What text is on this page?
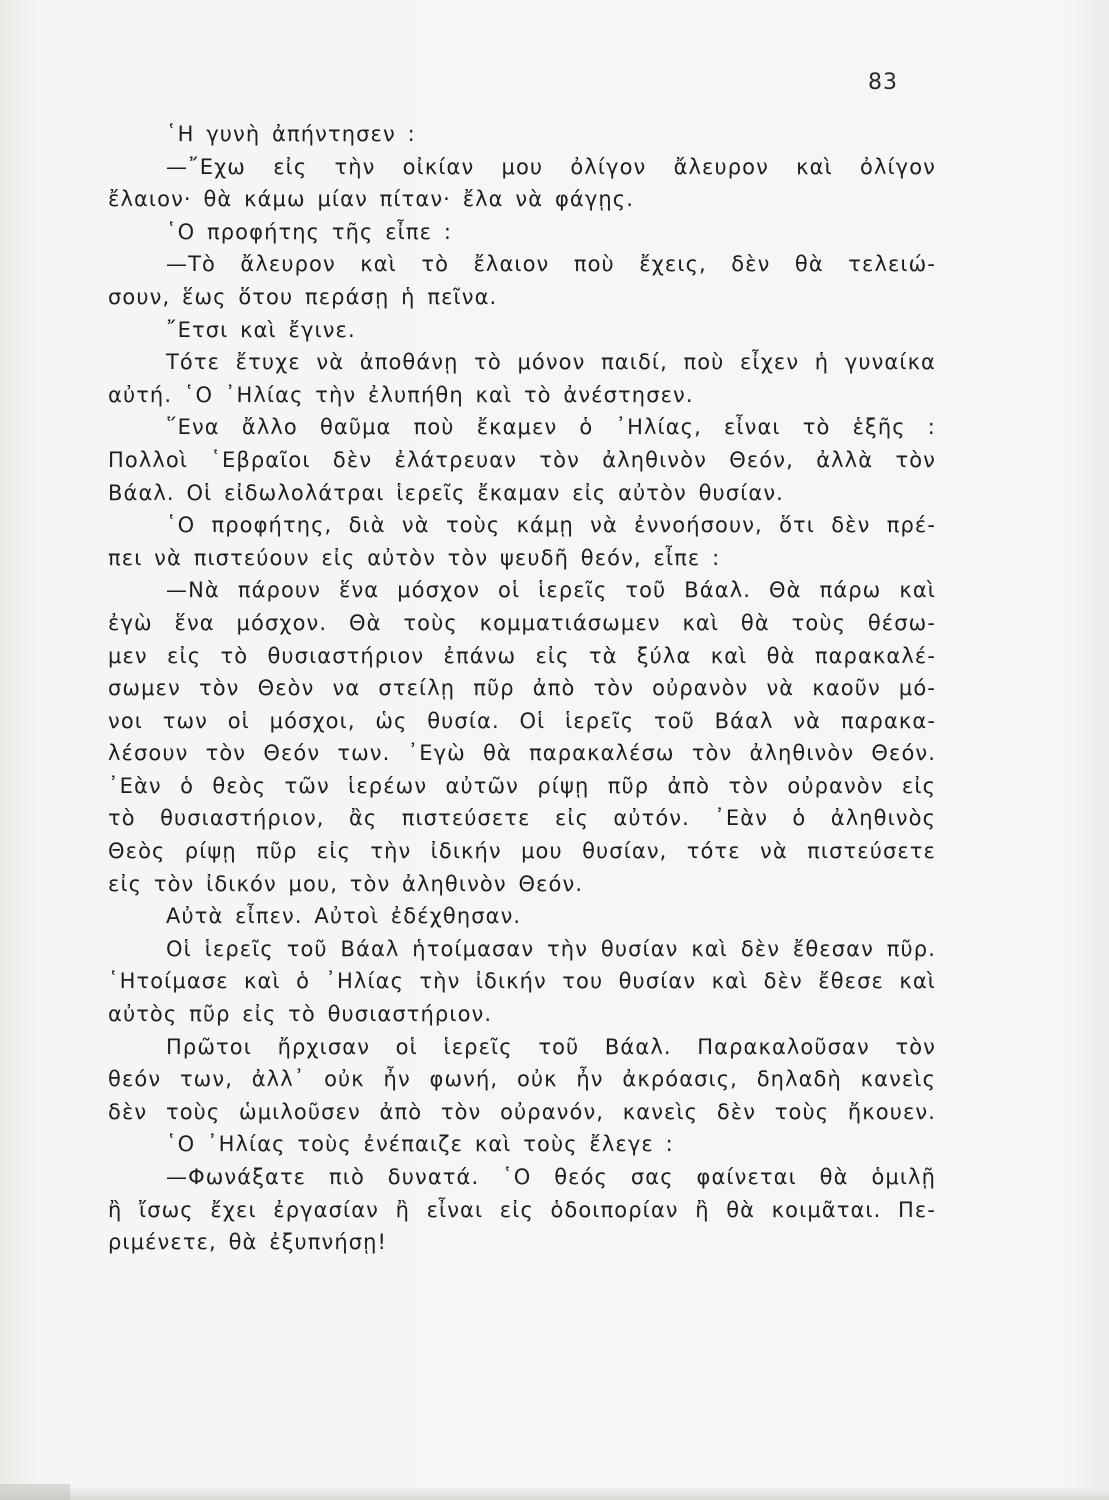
83
῾Η γυνὴ ἀπήντησεν :
—῎Εχω εἰς τὴν οἰκίαν μου ὀλίγον ἄλευρον καὶ ὀλίγον
ἔλαιον· θὰ κάμω μίαν πίταν· ἔλα νὰ φάγῃς.
῾Ο προφήτης τῆς εἶπε :
—Τὸ ἄλευρον καὶ τὸ ἔλαιον ποὺ ἔχεις, δὲν θὰ τελειώ-
σουν, ἕως ὅτου περάσῃ ἡ πεῖνα.
῎Ετσι καὶ ἔγινε.
Τότε ἔτυχε νὰ ἀποθάνῃ τὸ μόνον παιδί, ποὺ εἶχεν ἡ γυναίκα
αὐτή. ῾Ο ᾿Ηλίας τὴν ἐλυπήθη καὶ τὸ ἀνέστησεν.
῞Ενα ἄλλο θαῦμα ποὺ ἔκαμεν ὁ ᾿Ηλίας, εἶναι τὸ ἑξῆς :
Πολλοὶ ῾Εβραῖοι δὲν ἐλάτρευαν τὸν ἀληθινὸν Θεόν, ἀλλὰ τὸν
Βάαλ. Οἱ εἰδωλολάτραι ἱερεῖς ἔκαμαν εἰς αὐτὸν θυσίαν.
῾Ο προφήτης, διὰ νὰ τοὺς κάμῃ νὰ ἐννοήσουν, ὅτι δὲν πρέ-
πει νὰ πιστεύουν εἰς αὐτὸν τὸν ψευδῆ θεόν, εἶπε :
—Νὰ πάρουν ἕνα μόσχον οἱ ἱερεῖς τοῦ Βάαλ. Θὰ πάρω καὶ
ἐγὼ ἕνα μόσχον. Θὰ τοὺς κομματιάσωμεν καὶ θὰ τοὺς θέσω-
μεν εἰς τὸ θυσιαστήριον ἐπάνω εἰς τὰ ξύλα καὶ θὰ παρακαλέ-
σωμεν τὸν Θεὸν να στείλῃ πῦρ ἀπὸ τὸν οὐρανὸν νὰ καοῦν μό-
νοι των οἱ μόσχοι, ὡς θυσία. Οἱ ἱερεῖς τοῦ Βάαλ νὰ παρακα-
λέσουν τὸν Θεόν των. ᾿Εγὼ θὰ παρακαλέσω τὸν ἀληθινὸν Θεόν.
᾿Εὰν ὁ θεὸς τῶν ἱερέων αὐτῶν ρίψῃ πῦρ ἀπὸ τὸν οὐρανὸν εἰς
τὸ θυσιαστήριον, ἂς πιστεύσετε εἰς αὐτόν. ᾿Εὰν ὁ ἀληθινὸς
Θεὸς ρίψῃ πῦρ εἰς τὴν ἰδικήν μου θυσίαν, τότε νὰ πιστεύσετε
εἰς τὸν ἰδικόν μου, τὸν ἀληθινὸν Θεόν.
Αὐτὰ εἶπεν. Αὐτοὶ ἐδέχθησαν.
Οἱ ἱερεῖς τοῦ Βάαλ ἡτοίμασαν τὴν θυσίαν καὶ δὲν ἔθεσαν πῦρ.
῾Ητοίμασε καὶ ὁ ᾿Ηλίας τὴν ἰδικήν του θυσίαν καὶ δὲν ἔθεσε καὶ
αὐτὸς πῦρ εἰς τὸ θυσιαστήριον.
Πρῶτοι ἤρχισαν οἱ ἱερεῖς τοῦ Βάαλ. Παρακαλοῦσαν τὸν
θεόν των, ἀλλ᾿ οὐκ ἦν φωνή, οὐκ ἦν ἀκρόασις, δηλαδὴ κανεὶς
δὲν τοὺς ὡμιλοῦσεν ἀπὸ τὸν οὐρανόν, κανεὶς δὲν τοὺς ἤκουεν.
῾Ο ᾿Ηλίας τοὺς ἐνέπαιζε καὶ τοὺς ἔλεγε :
—Φωνάξατε πιὸ δυνατά. ῾Ο θεός σας φαίνεται θὰ ὁμιλῇ
ἢ ἴσως ἔχει ἐργασίαν ἢ εἶναι εἰς ὁδοιπορίαν ἢ θὰ κοιμᾶται. Πε-
ριμένετε, θὰ ἐξυπνήσῃ!
